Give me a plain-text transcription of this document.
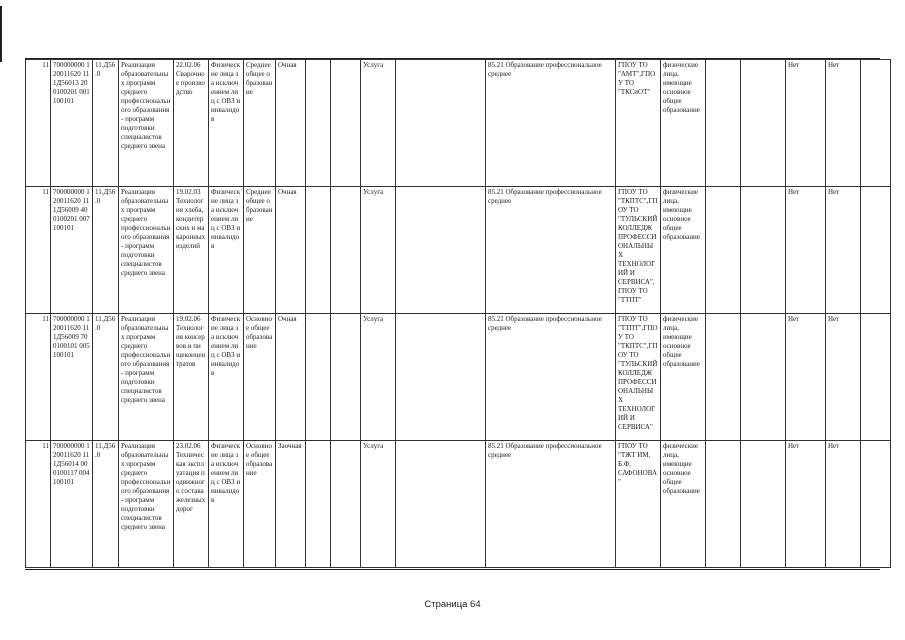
11	700000000 120011620 111Д56013 200100201 001100101	11.Д56 .0	Реализация образовательных программ среднего профессионального образования - программ подготовки специалистов среднего звена	22.02.06 Сварочное производство	Физические лица за исключением лиц с ОВЗ и инвалидов	Среднее общее образование	Очная			Услуга		85.21 Образование профессиональное среднее	ГПОУ ТО "АМТ",ГПОУ ТО "ТКСиОТ"	физические лица, имеющие основное общее образование			Нет	Нет	
11	700000000 120011620 111Д56009 400100201 007100101	11.Д56 .0	Реализация образовательных программ среднего профессионального образования - программ подготовки специалистов среднего звена	19.02.03 Технология хлеба, кондитерских и макаронных изделий	Физические лица за исключением лиц с ОВЗ и инвалидов	Среднее общее образование	Очная			Услуга		85.21 Образование профессиональное среднее	ГПОУ ТО "ТКПТС",ГПОУ ТО "ТУЛЬСКИЙ КОЛЛЕДЖ ПРОФЕССИОНАЛЬНЫХ ТЕХНОЛОГИЙ И СЕРВИСА",ГПОУ ТО "ТТПТ"	физические лица, имеющие основное общее образование			Нет	Нет	
11	700000000 120011620 111Д56009 700100101 005100101	11.Д56 .0	Реализация образовательных программ среднего профессионального образования - программ подготовки специалистов среднего звена	19.02.06 Технология консервов и пищеконцентратов	Физические лица за исключением лиц с ОВЗ и инвалидов	Основное общее образование	Очная			Услуга		85.21 Образование профессиональное среднее	ГПОУ ТО "ТТПТ",ГПОУ ТО "ТКПТС",ГПОУ ТО "ТУЛЬСКИЙ КОЛЛЕДЖ ПРОФЕССИОНАЛЬНЫХ ТЕХНОЛОГИЙ И СЕРВИСА"	физические лица, имеющие основное общее образование			Нет	Нет	
11	700000000 120011620 111Д56014 000100117 004100101	11.Д56 .0	Реализация образовательных программ среднего профессионального образования - программ подготовки специалистов среднего звена	23.02.06 Техническая эксплуатация подвижного состава железных дорог	Физические лица за исключением лиц с ОВЗ и инвалидов	Основное общее образование	Заочная			Услуга		85.21 Образование профессиональное среднее	ГПОУ ТО "ТЖТ ИМ. Б.Ф. САФОНОВА"	физические лица, имеющие основное общее образование			Нет	Нет	
Страница 64
